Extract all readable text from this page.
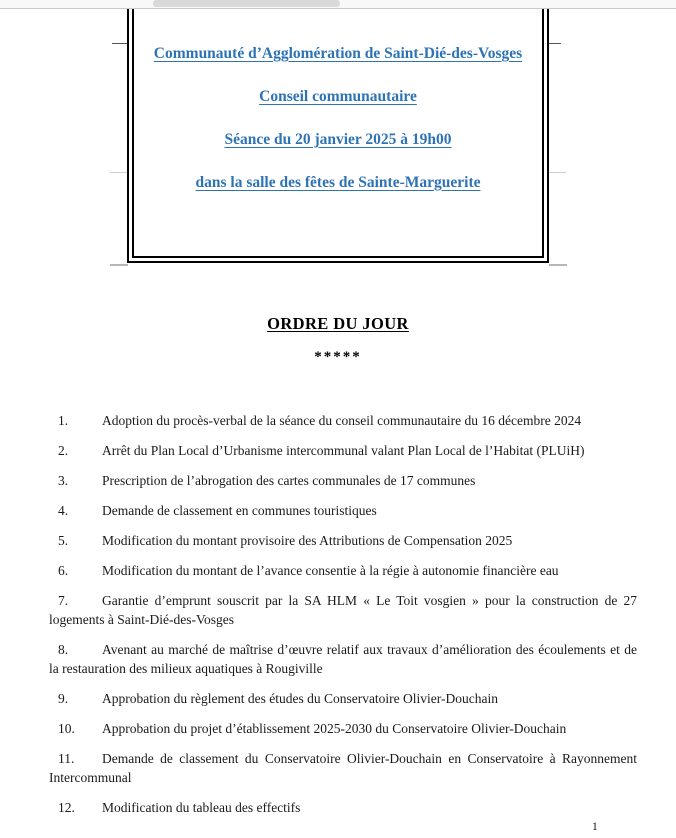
Communauté d’Agglomération de Saint-Dié-des-Vosges
Conseil communautaire
Séance du 20 janvier 2025 à 19h00
dans la salle des fêtes de Sainte-Marguerite
ORDRE DU JOUR
*****

1.	Adoption du procès-verbal de la séance du conseil communautaire du 16 décembre 2024

2.	Arrêt du Plan Local d’Urbanisme intercommunal valant Plan Local de l’Habitat (PLUiH)

3.	Prescription de l’abrogation des cartes communales de 17 communes

4.	Demande de classement en communes touristiques

5.	Modification du montant provisoire des Attributions de Compensation 2025

6.	Modification du montant de l’avance consentie à la régie à autonomie financière eau

7.	Garantie d’emprunt souscrit par la SA HLM « Le Toit vosgien » pour la construction de 27 logements à Saint-Dié-des-Vosges

8.	Avenant au marché de maîtrise d’œuvre relatif aux travaux d’amélioration des écoulements et de la restauration des milieux aquatiques à Rougiville

9.	Approbation du règlement des études du Conservatoire Olivier-Douchain

10. Approbation du projet d’établissement 2025-2030 du Conservatoire Olivier-Douchain

11. Demande de classement du Conservatoire Olivier-Douchain en Conservatoire à Rayonnement Intercommunal

12. Modification du tableau des effectifs

1
